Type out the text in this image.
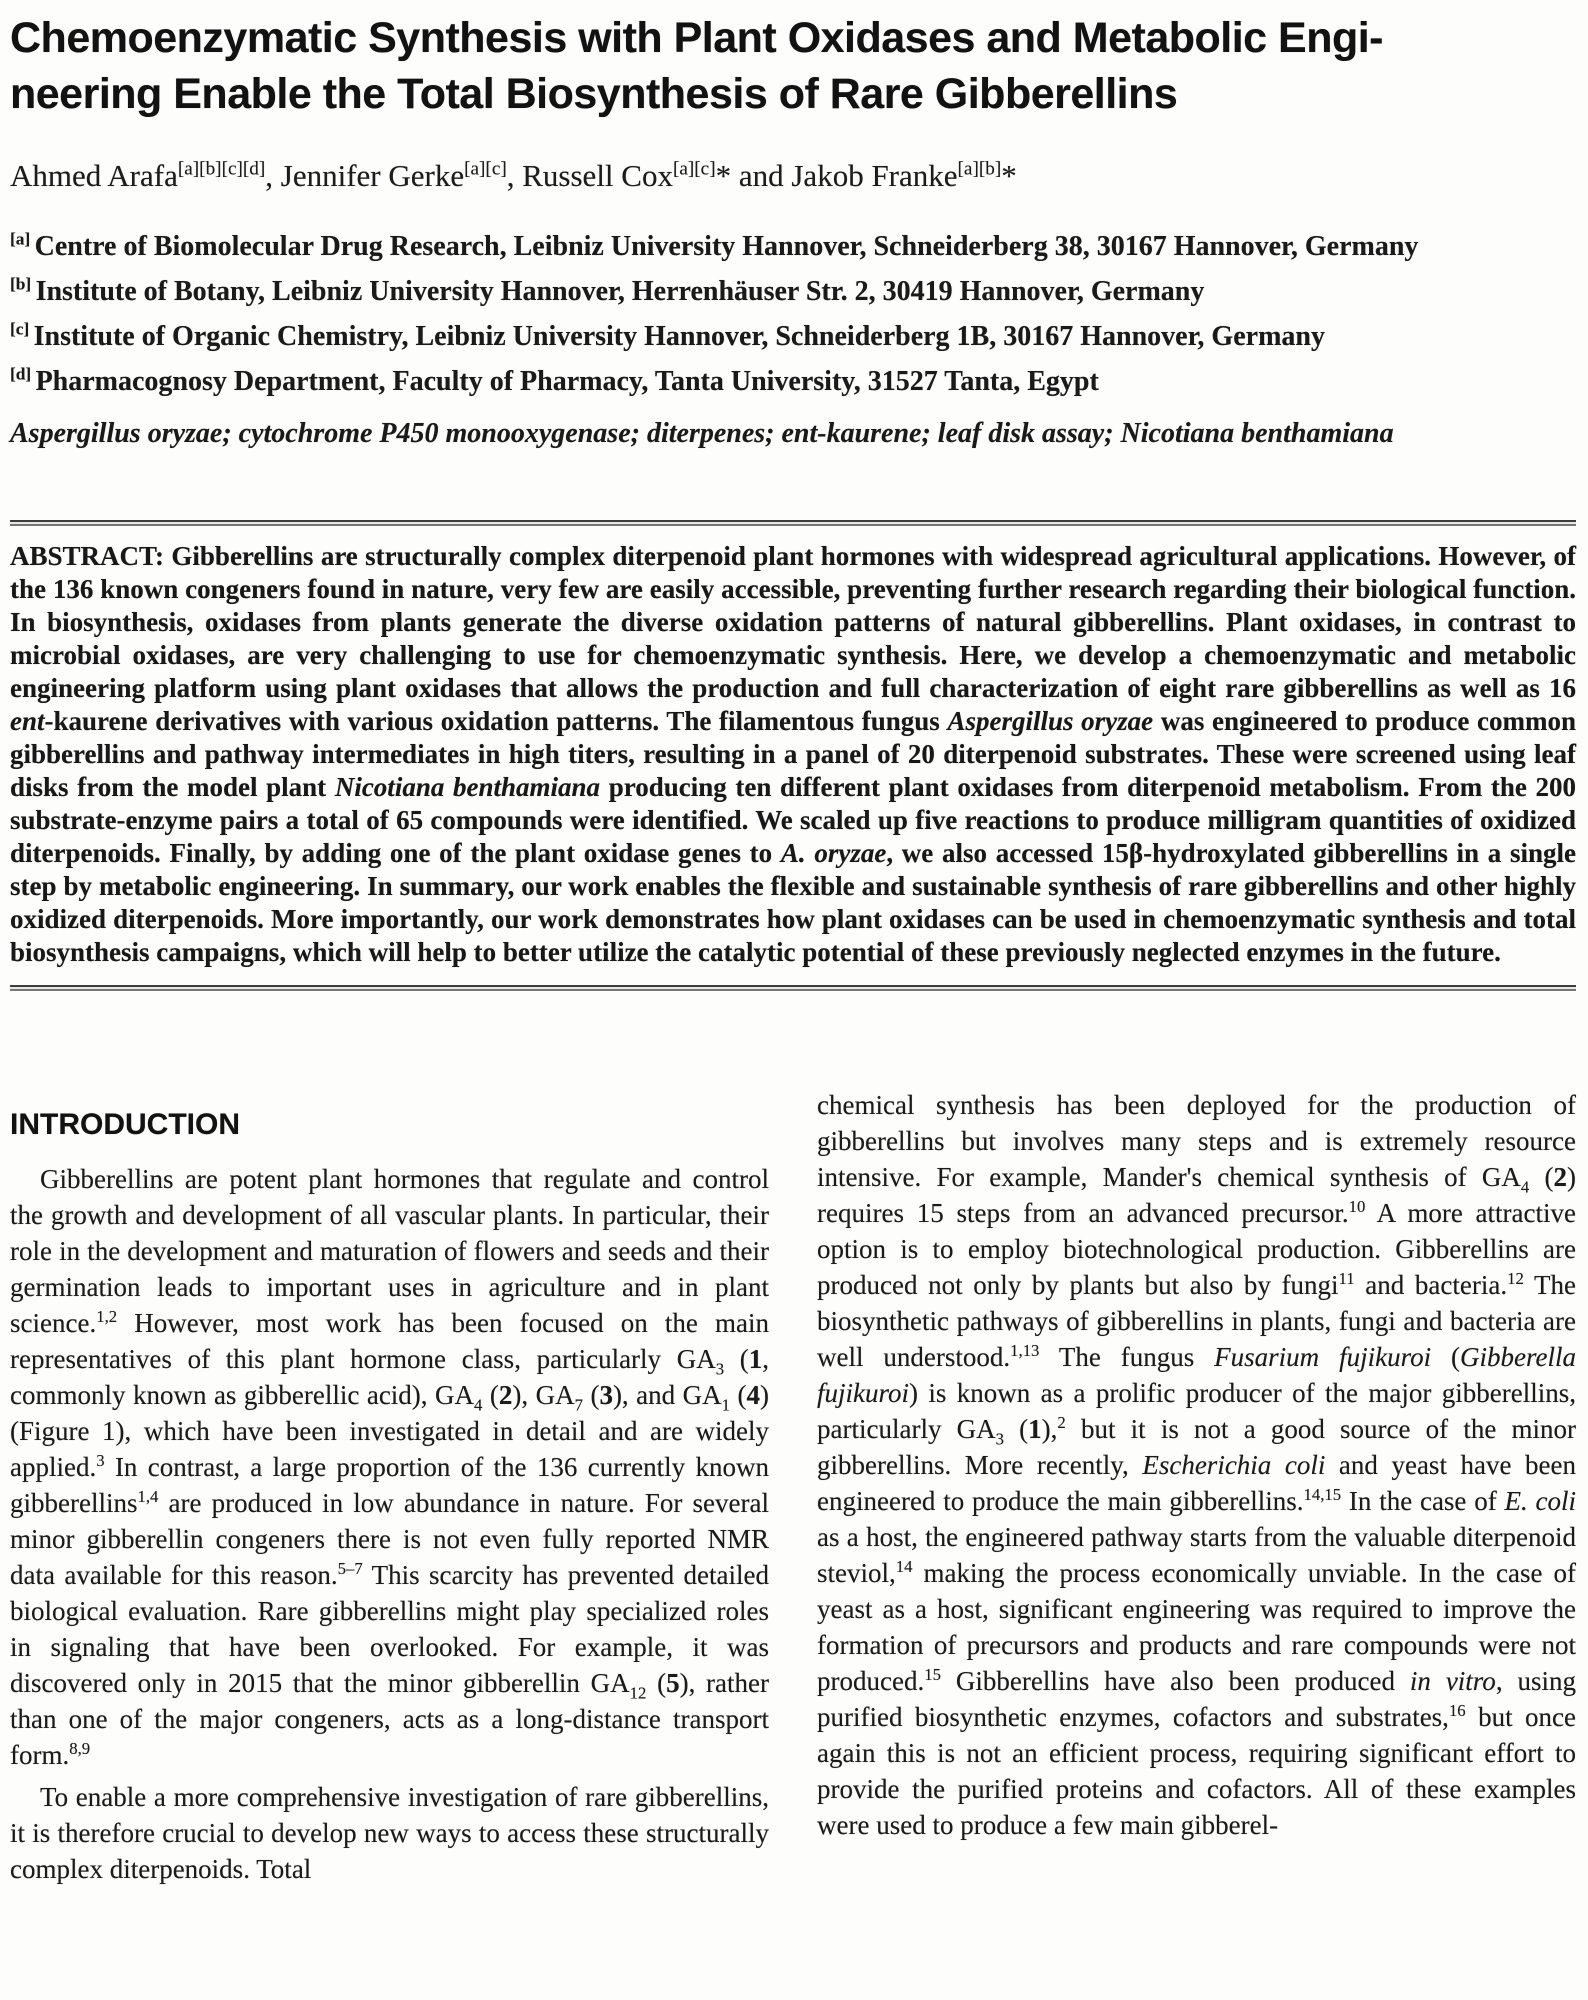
Chemoenzymatic Synthesis with Plant Oxidases and Metabolic Engi-
neering Enable the Total Biosynthesis of Rare Gibberellins

Ahmed Arafa[a][b][c][d], Jennifer Gerke[a][c], Russell Cox[a][c]* and Jakob Franke[a][b]*

[a] Centre of Biomolecular Drug Research, Leibniz University Hannover, Schneiderberg 38, 30167 Hannover, Germany

[b] Institute of Botany, Leibniz University Hannover, Herrenhäuser Str. 2, 30419 Hannover, Germany

[c] Institute of Organic Chemistry, Leibniz University Hannover, Schneiderberg 1B, 30167 Hannover, Germany

[d] Pharmacognosy Department, Faculty of Pharmacy, Tanta University, 31527 Tanta, Egypt

Aspergillus oryzae; cytochrome P450 monooxygenase; diterpenes; ent-kaurene; leaf disk assay; Nicotiana benthamiana

ABSTRACT: Gibberellins are structurally complex diterpenoid plant hormones with widespread agricultural applications. However, of the 136 known congeners found in nature, very few are easily accessible, preventing further research regarding their biological function. In biosynthesis, oxidases from plants generate the diverse oxidation patterns of natural gibberellins. Plant oxidases, in contrast to microbial oxidases, are very challenging to use for chemoenzymatic synthesis. Here, we develop a chemoenzymatic and metabolic engineering platform using plant oxidases that allows the production and full characterization of eight rare gibberellins as well as 16 ent-kaurene derivatives with various oxidation patterns. The filamentous fungus Aspergillus oryzae was engineered to produce common gibberellins and pathway intermediates in high titers, resulting in a panel of 20 diterpenoid substrates. These were screened using leaf disks from the model plant Nicotiana benthamiana producing ten different plant oxidases from diterpenoid metabolism. From the 200 substrate-enzyme pairs a total of 65 compounds were identified. We scaled up five reactions to produce milligram quantities of oxidized diterpenoids. Finally, by adding one of the plant oxidase genes to A. oryzae, we also accessed 15β-hydroxylated gibberellins in a single step by metabolic engineering. In summary, our work enables the flexible and sustainable synthesis of rare gibberellins and other highly oxidized diterpenoids. More importantly, our work demonstrates how plant oxidases can be used in chemoenzymatic synthesis and total biosynthesis campaigns, which will help to better utilize the catalytic potential of these previously neglected enzymes in the future.

INTRODUCTION

Gibberellins are potent plant hormones that regulate and control the growth and development of all vascular plants. In particular, their role in the development and maturation of flowers and seeds and their germination leads to important uses in agriculture and in plant science.$^{1,2}$ However, most work has been focused on the main representatives of this plant hormone class, particularly $GA_3$ (1, commonly known as gibberellic acid), $GA_4$ (2), $GA_7$ (3), and $GA_1$ (4) (Figure 1), which have been investigated in detail and are widely applied.$^3$ In contrast, a large proportion of the 136 currently known gibberellins$^{1,4}$ are produced in low abundance in nature. For several minor gibberellin congeners there is not even fully reported NMR data available for this reason.$^{5-7}$ This scarcity has prevented detailed biological evaluation. Rare gibberellins might play specialized roles in signaling that have been overlooked. For example, it was discovered only in 2015 that the minor gibberellin $GA_{12}$ (5), rather than one of the major congeners, acts as a long-distance transport form.$^{8,9}$

To enable a more comprehensive investigation of rare gibberellins, it is therefore crucial to develop new ways to access these structurally complex diterpenoids. Total

chemical synthesis has been deployed for the production of gibberellins but involves many steps and is extremely resource intensive. For example, Mander's chemical synthesis of $GA_4$ (2) requires 15 steps from an advanced precursor.$^{10}$ A more attractive option is to employ biotechnological production. Gibberellins are produced not only by plants but also by fungi$^{11}$ and bacteria.$^{12}$ The biosynthetic pathways of gibberellins in plants, fungi and bacteria are well understood.$^{1,13}$ The fungus Fusarium fujikuroi (Gibberella fujikuroi) is known as a prolific producer of the major gibberellins, particularly $GA_3$ (1),$^2$ but it is not a good source of the minor gibberellins. More recently, Escherichia coli and yeast have been engineered to produce the main gibberellins.$^{14,15}$ In the case of E. coli as a host, the engineered pathway starts from the valuable diterpenoid steviol,$^{14}$ making the process economically unviable. In the case of yeast as a host, significant engineering was required to improve the formation of precursors and products and rare compounds were not produced.$^{15}$ Gibberellins have also been produced in vitro, using purified biosynthetic enzymes, cofactors and substrates,$^{16}$ but once again this is not an efficient process, requiring significant effort to provide the purified proteins and cofactors. All of these examples were used to produce a few main gibberel-
